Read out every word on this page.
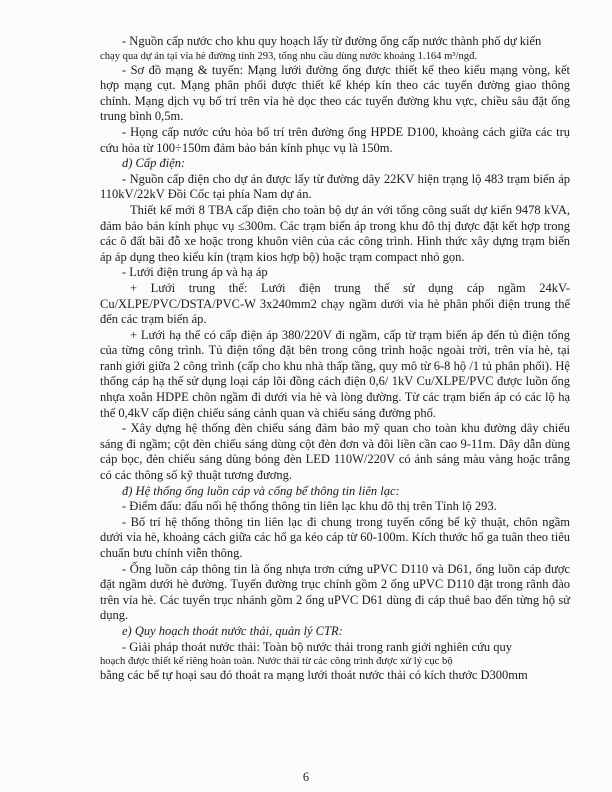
- Nguồn cấp nước cho khu quy hoạch lấy từ đường ống cấp nước thành phố dự kiến

chạy qua dự án tại vỉa hè đường tỉnh 293, tổng nhu cầu dùng nước khoảng 1.164 m³/ngđ.

- Sơ đồ mạng & tuyến: Mạng lưới đường ống được thiết kế theo kiểu mạng vòng, kết hợp mạng cụt. Mạng phân phối được thiết kế khép kín theo các tuyến đường giao thông chính. Mạng dịch vụ bố trí trên vỉa hè dọc theo các tuyến đường khu vực, chiều sâu đặt ống trung bình 0,5m.

- Họng cấp nước cứu hỏa bố trí trên đường ống HPDE D100, khoảng cách giữa các trụ cứu hỏa từ 100÷150m đảm bảo bán kính phục vụ là 150m.

d) Cấp điện:

- Nguồn cấp điện cho dự án được lấy từ đường dây 22KV hiện trạng lộ 483 trạm biến áp 110kV/22kV Đồi Cốc tại phía Nam dự án.

Thiết kế mới 8 TBA cấp điện cho toàn bộ dự án với tổng công suất dự kiến 9478 kVA, đảm bảo bán kính phục vụ ≤300m. Các trạm biến áp trong khu đô thị được đặt kết hợp trong các ô đất bãi đỗ xe hoặc trong khuôn viên của các công trình. Hình thức xây dựng trạm biến áp áp dụng theo kiểu kín (trạm kios hợp bộ) hoặc trạm compact nhỏ gọn.

- Lưới điện trung áp và hạ áp

+ Lưới trung thế: Lưới điện trung thế sử dụng cáp ngầm 24kV-Cu/XLPE/PVC/DSTA/PVC-W 3x240mm2 chạy ngầm dưới vỉa hè phân phối điện trung thế đến các trạm biến áp.

+ Lưới hạ thế có cấp điện áp 380/220V đi ngầm, cấp từ trạm biến áp đến tủ điện tổng của từng công trình. Tủ điện tổng đặt bên trong công trình hoặc ngoài trời, trên vỉa hè, tại ranh giới giữa 2 công trình (cấp cho khu nhà thấp tầng, quy mô từ 6-8 hộ /1 tủ phân phối). Hệ thống cáp hạ thế sử dụng loại cáp lõi đồng cách điện 0,6/ 1kV Cu/XLPE/PVC được luồn ống nhựa xoắn HDPE chôn ngầm đi dưới vỉa hè và lòng đường. Từ các trạm biến áp có các lộ hạ thế 0,4kV cấp điện chiếu sáng cảnh quan và chiếu sáng đường phố.

- Xây dựng hệ thống đèn chiếu sáng đảm bảo mỹ quan cho toàn khu đường dây chiếu sáng đi ngầm; cột đèn chiếu sáng dùng cột đèn đơn và đôi liền cần cao 9-11m. Dây dẫn dùng cáp bọc, đèn chiếu sáng dùng bóng đèn LED 110W/220V có ánh sáng màu vàng hoặc trắng có các thông số kỹ thuật tương đương.

đ) Hệ thống ống luồn cáp và cống bể thông tin liên lạc:

- Điểm đấu: đấu nối hệ thống thông tin liên lạc khu đô thị trên Tỉnh lộ 293.

- Bố trí hệ thống thông tin liên lạc đi chung trong tuyến cống bể kỹ thuật, chôn ngầm dưới vỉa hè, khoảng cách giữa các hố ga kéo cáp từ 60-100m. Kích thước hố ga tuân theo tiêu chuẩn bưu chính viễn thông.

- Ống luồn cáp thông tin là ống nhựa trơn cứng uPVC D110 và D61, ống luồn cáp được đặt ngầm dưới hè đường. Tuyến đường trục chính gồm 2 ống uPVC D110 đặt trong rãnh đào trên vỉa hè. Các tuyến trục nhánh gồm 2 ống uPVC D61 dùng đi cáp thuê bao đến từng hộ sử dụng.

e) Quy hoạch thoát nước thải, quản lý CTR:

- Giải pháp thoát nước thải: Toàn bộ nước thải trong ranh giới nghiên cứu quy

hoạch được thiết kế riêng hoàn toàn. Nước thải từ các công trình được xử lý cục bộ

bằng các bể tự hoại sau đó thoát ra mạng lưới thoát nước thải có kích thước D300mm

6
